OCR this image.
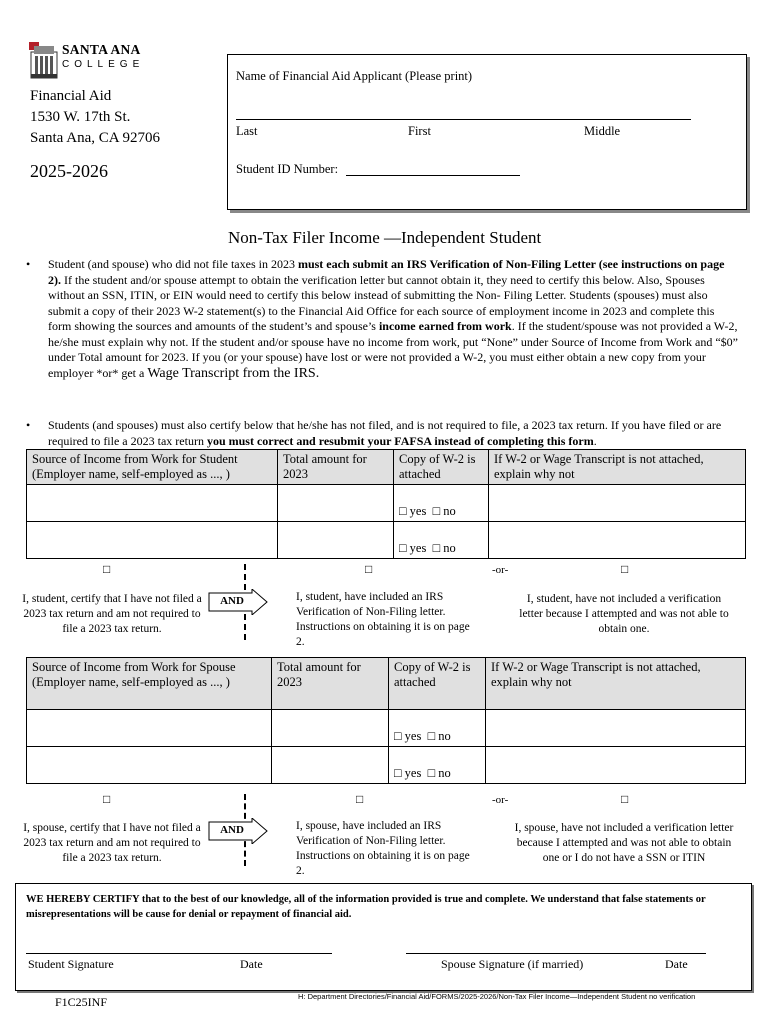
SANTA ANA
COLLEGE
Financial Aid
1530 W. 17th St.
Santa Ana, CA 92706
2025-2026
Name of Financial Aid Applicant (Please print)
Last	First	Middle
Student ID Number:
Non-Tax Filer Income —Independent Student
• Student (and spouse) who did not file taxes in 2023 must each submit an IRS Verification of Non-Filing Letter (see instructions on page 2). If the student and/or spouse attempt to obtain the verification letter but cannot obtain it, they need to certify this below. Also, Spouses without an SSN, ITIN, or EIN would need to certify this below instead of submitting the Non- Filing Letter. Students (spouses) must also submit a copy of their 2023 W-2 statement(s) to the Financial Aid Office for each source of employment income in 2023 and complete this form showing the sources and amounts of the student’s and spouse’s income earned from work. If the student/spouse was not provided a W-2, he/she must explain why not. If the student and/or spouse have no income from work, put “None” under Source of Income from Work and “$0” under Total amount for 2023. If you (or your spouse) have lost or were not provided a W-2, you must either obtain a new copy from your employer *or* get a Wage Transcript from the IRS.
• Students (and spouses) must also certify below that he/she has not filed, and is not required to file, a 2023 tax return. If you have filed or are required to file a 2023 tax return you must correct and resubmit your FAFSA instead of completing this form.
Source of Income from Work for Student (Employer name, self-employed as ..., )	Total amount for 2023	Copy of W-2 is attached	If W-2 or Wage Transcript is not attached, explain why not
		□ yes □ no	
		□ yes □ no	
□	□	-or-	□
I, student, certify that I have not filed a 2023 tax return and am not required to file a 2023 tax return.
AND	I, student, have included an IRS Verification of Non-Filing letter. Instructions on obtaining it is on page 2.
I, student, have not included a verification letter because I attempted and was not able to obtain one.
Source of Income from Work for Spouse (Employer name, self-employed as ..., )	Total amount for 2023	Copy of W-2 is attached	If W-2 or Wage Transcript is not attached, explain why not
		□ yes □ no	
		□ yes □ no	
□	□	-or-	□
I, spouse, certify that I have not filed a 2023 tax return and am not required to file a 2023 tax return.
AND	I, spouse, have included an IRS Verification of Non-Filing letter. Instructions on obtaining it is on page 2.
I, spouse, have not included a verification letter because I attempted and was not able to obtain one or I do not have a SSN or ITIN
WE HEREBY CERTIFY that to the best of our knowledge, all of the information provided is true and complete. We understand that false statements or misrepresentations will be cause for denial or repayment of financial aid.
Student Signature	Date	Spouse Signature (if married)	Date
F1C25INF	H: Department Directories/Financial Aid/FORMS/2025-2026/Non-Tax Filer Income—Independent Student no verification
